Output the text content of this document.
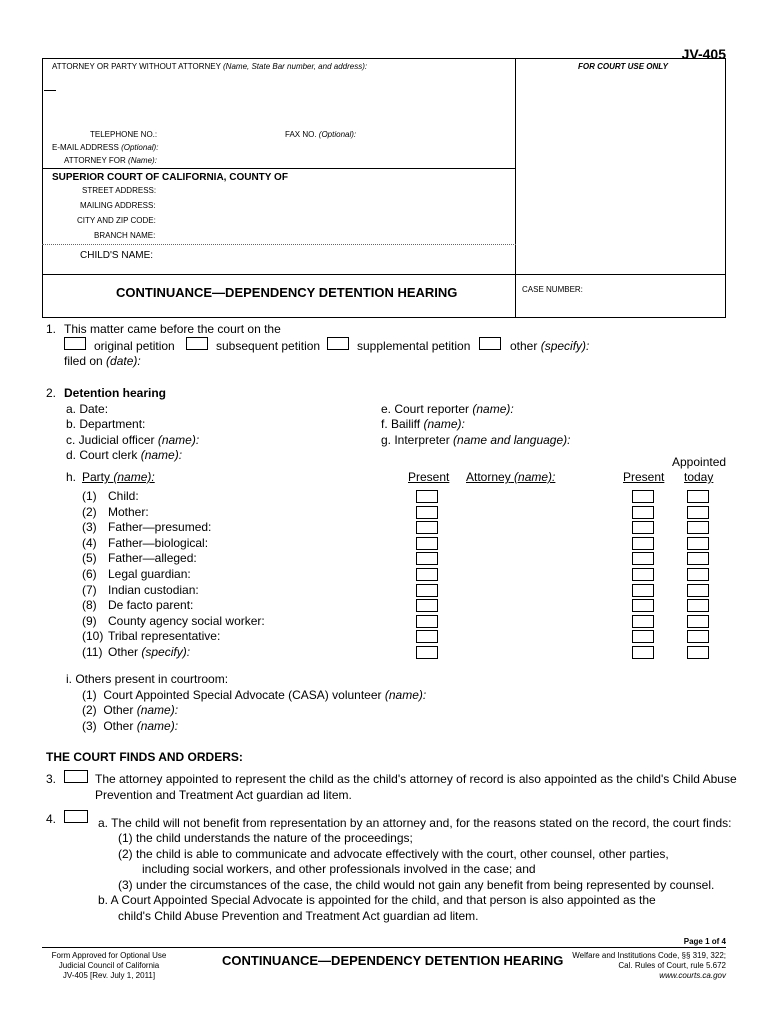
JV-405
ATTORNEY OR PARTY WITHOUT ATTORNEY (Name, State Bar number, and address):	FOR COURT USE ONLY
TELEPHONE NO.:	FAX NO. (Optional):
E-MAIL ADDRESS (Optional):
ATTORNEY FOR (Name):
SUPERIOR COURT OF CALIFORNIA, COUNTY OF
STREET ADDRESS:
MAILING ADDRESS:
CITY AND ZIP CODE:
BRANCH NAME:
CHILD'S NAME:
CONTINUANCE—DEPENDENCY DETENTION HEARING	CASE NUMBER:
1. This matter came before the court on the
original petition	subsequent petition	supplemental petition	other (specify):
filed on (date):
2. Detention hearing
a. Date:
b. Department:
c. Judicial officer (name):
d. Court clerk (name):
e. Court reporter (name):
f. Bailiff (name):
g. Interpreter (name and language):
Appointed
h. Party (name):	Present Attorney (name):	Present today
(1) Child:
(2) Mother:
(3) Father—presumed:
(4) Father—biological:
(5) Father—alleged:
(6) Legal guardian:
(7) Indian custodian:
(8) De facto parent:
(9) County agency social worker:
(10) Tribal representative:
(11) Other (specify):
i. Others present in courtroom:
(1) Court Appointed Special Advocate (CASA) volunteer (name):
(2) Other (name):
(3) Other (name):
THE COURT FINDS AND ORDERS:
3.	The attorney appointed to represent the child as the child's attorney of record is also appointed as the child's Child Abuse
Prevention and Treatment Act guardian ad litem.
4.	a. The child will not benefit from representation by an attorney and, for the reasons stated on the record, the court finds:
(1) the child understands the nature of the proceedings;
(2) the child is able to communicate and advocate effectively with the court, other counsel, other parties,
including social workers, and other professionals involved in the case; and
(3) under the circumstances of the case, the child would not gain any benefit from being represented by counsel.
b. A Court Appointed Special Advocate is appointed for the child, and that person is also appointed as the
child's Child Abuse Prevention and Treatment Act guardian ad litem.
Page 1 of 4
Form Approved for Optional Use
Judicial Council of California
JV-405 [Rev. July 1, 2011]
CONTINUANCE—DEPENDENCY DETENTION HEARING Welfare and Institutions Code, §§ 319, 322;
Cal. Rules of Court, rule 5.672
www.courts.ca.gov
